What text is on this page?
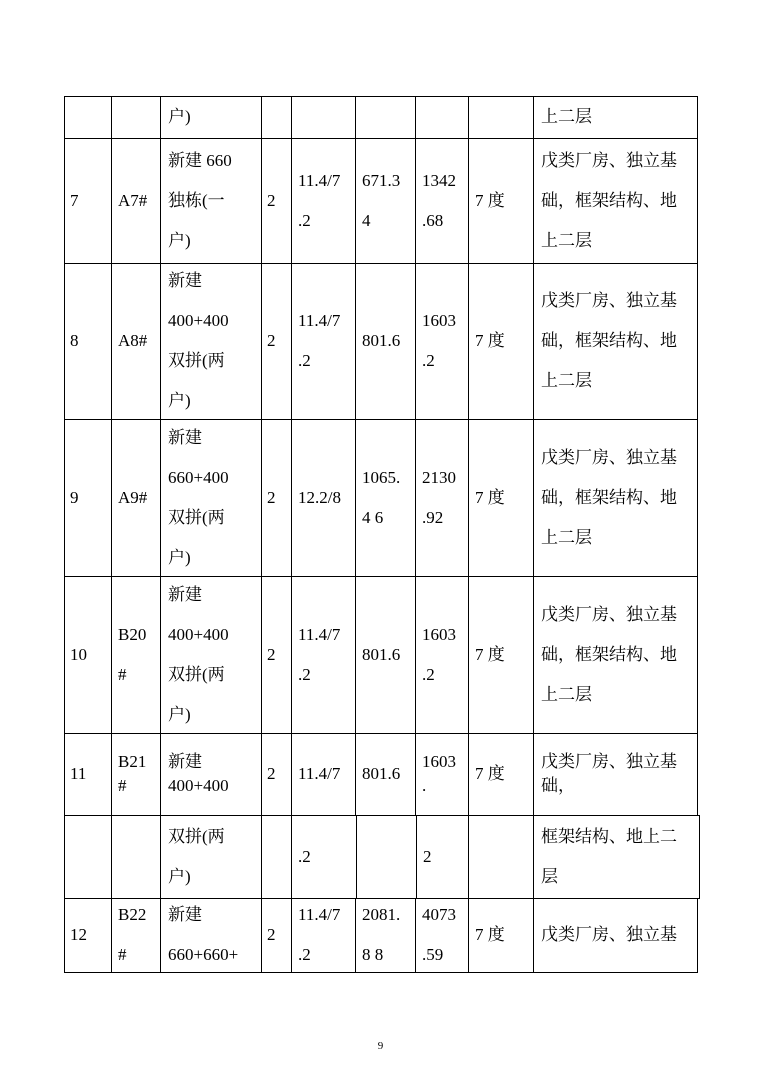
户)	上二层
7 A7#
新建 660
独栋(一
户)
2
11.4/7
.2
671.3
4
1342
.68
7 度
戊类厂房、独立基
础，框架结构、地
上二层
8 A8#
新建
400+400
双拼(两
户)
2
11.4/7
.2
801.6
1603
.2
7 度
戊类厂房、独立基
础，框架结构、地
上二层
9 A9#
新建
660+400
双拼(两
户)
2 12.2/8
1065.
4 6
2130
.92
7 度
戊类厂房、独立基
础，框架结构、地
上二层
10
B20
#
新建
400+400
双拼(两
户)
2
11.4/7
.2
801.6
1603
.2
7 度
戊类厂房、独立基
础，框架结构、地
上二层
11
B21
#
新建
400+400
2 11.4/7 801.6
1603
.
7 度
戊类厂房、独立基
础，
双拼(两
户)
.2	2
框架结构、地上二
层
12
B22
#
新建
660+660+
2
11.4/7
.2
2081.
8 8
4073
.59
7 度 戊类厂房、独立基
9
